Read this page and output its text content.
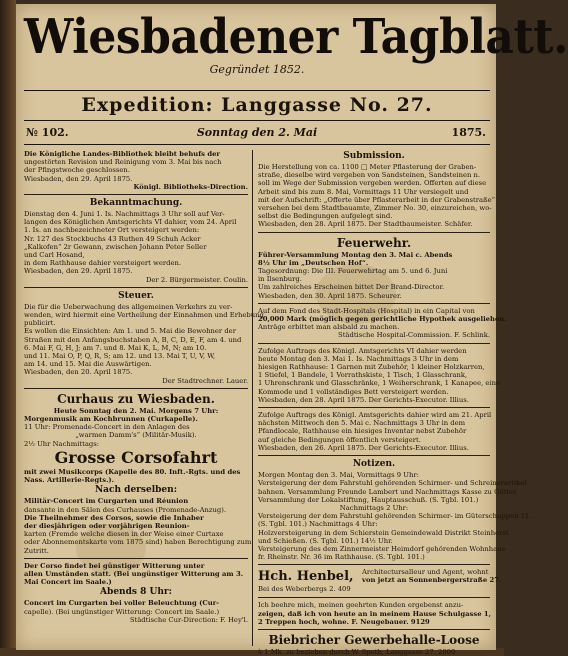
Wiesbadener Tagblatt.
Gegründet 1852.
Expedition: Langgasse No. 27.
№ 102.	Sonntag den 2. Mai	1875.
Die Königliche Landes-Bibliothek bleibt behufs der
ungestörten Revision und Reinigung vom 3. Mai bis nach
der Pfingstwoche geschlossen.
Wiesbaden, den 29. April 1875.
Königl. Bibliotheks-Direction.
Bekanntmachung.
Dienstag den 4. Juni 1. Is. Nachmittags 3 Uhr soll auf Ver-
langen des Königlichen Amtsgerichts VI dahier, vom 24. April
1. Is. an nachbezeichneter Ort versteigert werden:
Nr. 127 des Stockbuchs 43 Ruthen 49 Schuh Acker
„Kalkofen“ 2r Gewann, zwischen Johann Peter Seller
und Carl Hosand,
in dem Rathhause dahier versteigert werden.
Wiesbaden, den 29. April 1875.
Der 2. Bürgermeister. Coulin.
Steuer.
Die für die Ueberwachung des allgemeinen Verkehrs zu ver-
wenden, wird hiermit eine Vertheilung der Einnahmen und Erhebung
publicirt.
Es wollen die Einsichten: Am 1. und 5. Mai die Bewohner der
Straßen mit den Anfangsbuchstaben A, B, C, D, E, F, am 4. und
6. Mai F, G, H, J; am 7. und 8. Mai K, L, M, N; am 10.
und 11. Mai O, P, Q, R, S; am 12. und 13. Mai T, U, V, W,
am 14. und 15. Mai die Auswärtigen.
Wiesbaden, den 20. April 1875.
Der Stadtrechner. Lauer.
Curhaus zu Wiesbaden.
Heute Sonntag den 2. Mai. Morgens 7 Uhr:
Morgenmusik am Kochbrunnen (Curkapelle).
11 Uhr: Promenade-Concert in den Anlagen des
„warmen Damm's“ (Militär-Musik).
2½ Uhr Nachmittags:
Grosse Corsofahrt
mit zwei Musikcorps (Kapelle des 80. Inft.-Rgts. und des
Nass. Artillerie-Regts.).
Nach derselben:
Militär-Concert im Curgarten und Réunion
dansante in den Sälen des Curhauses (Promenade-Anzug).
Die Theilnehmer des Corsos, sowie die Inhaber
der diesjährigen oder vorjährigen Reunion-
karten (Fremde welche diesen in der Weise einer Curtaxe
oder Abonnementskarte vom 1875 sind) haben Berechtigung zum
Zutritt.
Der Corso findet bei günstiger Witterung unter
allen Umständen statt. (Bei ungünstiger Witterung am 3.
Mai Concert im Saale.)
Abends 8 Uhr:
Concert im Curgarten bei voller Beleuchtung (Cur-
capelle). (Bei ungünstiger Witterung: Concert im Saale.)
Städtische Cur-Direction: F. Hey'l.
Submission.
Die Herstellung von ca. 1100 □ Meter Pflasterung der Graben-
straße, dieselbe wird vergeben von Sandsteinen, Sandsteinen n.
soll im Wege der Submission vergeben werden. Offerten auf diese
Arbeit sind bis zum 8. Mai, Vormittags 11 Uhr versiegelt und
mit der Aufschrift: „Offerte über Pflasterarbeit in der Grabenstraße“
versehen bei dem Stadtbauamte, Zimmer No. 30, einzureichen, wo-
selbst die Bedingungen aufgelegt sind.
Wiesbaden, den 28. April 1875. Der Stadtbaumeister. Schäfer.
Feuerwehr.
Führer-Versammlung Montag den 3. Mai c. Abends
8½ Uhr im „Deutschen Hof“.
Tagesordnung: Die III. Feuerwehrtag am 5. und 6. Juni
in Ilsenburg.
Um zahlreiches Erscheinen bittet Der Brand-Director.
Wiesbaden, den 30. April 1875. Scheurer.
Auf dem Fond des Stadt-Hospitals (Hospital) in ein Capital von
20,000 Mark (möglich gegen gerichtliche Hypothek ausgeliehen.
Anträge erbittet man alsbald zu machen.
Städtische Hospital-Commission. F. Schlink.
Zufolge Auftrags des Königl. Amtsgerichts VI dahier werden
heute Montag den 3. Mai 1. Is. Nachmittags 3 Uhr in dem
hiesigen Rathhause: 1 Garnen mit Zubehör, 1 kleiner Holzkarren,
1 Stiefel, 1 Bandele, 1 Vorrathskiste, 1 Tisch, 1 Glasschrank,
1 Uhrenschrank und Glasschränke, 1 Weiherschrank, 1 Kanapee, eine
Kommode und 1 vollständiges Bett versteigert werden.
Wiesbaden, den 28. April 1875. Der Gerichts-Executor. Illius.
Zufolge Auftrags des Königl. Amtsgerichts dahier wird am 21. April
nächsten Mittwoch den 5. Mai c. Nachmittags 3 Uhr in dem
Pfandlocale, Rathhause ein hiesiges Inventar nebst Zubehör
auf gleiche Bedingungen öffentlich versteigert.
Wiesbaden, den 26. April 1875. Der Gerichts-Executor. Illius.
Notizen.
Morgen Montag den 3. Mai, Vormittags 9 Uhr:
Versteigerung der dem Fahrstuhl gehörenden Schirmer- und Schreinerartikel
bahnen. Versammlung Freunde Lambert und Nachmittags Kasse zu Gütler.
Versammlung der Lokalstiftung, Hauptausschuß. (S. Tgbl. 101.)
Nachmittags 2 Uhr:
Versteigerung der dem Fahrstuhl gehörenden Schirmer- im Güterschuppen 11.
(S. Tgbl. 101.) Nachmittags 4 Uhr:
Holzversteigerung in dem Schierstein Gemeindewald Distrikt Steinhorst
und Schießen. (S. Tgbl. 101.) 14½ Uhr.
Versteigerung des dem Zinnermeister Heimdorf gehörenden Wohnhaus
fr. Rheinstr. Nr. 36 im Rathhause. (S. Tgbl. 101.)
Hch. Henbel, Architectursalleur und Agent, wohnt
von jetzt an Sonnenbergerstraße 27.
Bei des Weberbergs 2. 409
Ich beehre mich, meinen geehrten Kunden ergebenst anzu-
zeigen, daß ich von heute an in meinem Hause Schulgasse 1,
2 Treppen hoch, wohne. F. Neugebauer. 9129
Biebricher Gewerbehalle-Loose
à 1 Mk. zu beziehen durch W. Speth, Langgasse 27. 2000
